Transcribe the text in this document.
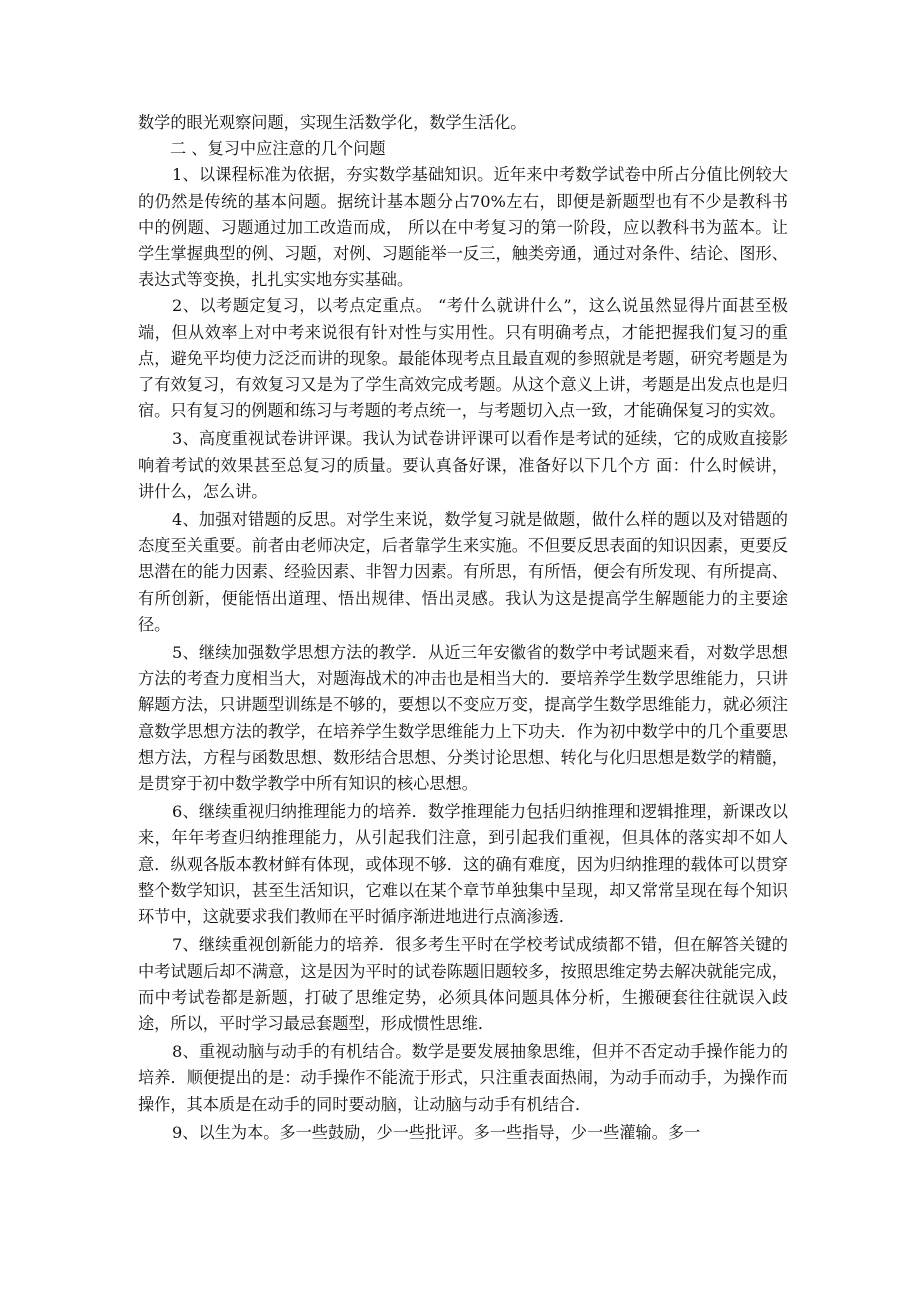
数学的眼光观察问题，实现生活数学化，数学生活化。

二 、复习中应注意的几个问题

1、以课程标准为依据，夯实数学基础知识。近年来中考数学试卷中所占分值比例较大的仍然是传统的基本问题。据统计基本题分占70%左右，即便是新题型也有不少是教科书中的例题、习题通过加工改造而成， 所以在中考复习的第一阶段，应以教科书为蓝本。让学生掌握典型的例、习题，对例、习题能举一反三，触类旁通，通过对条件、结论、图形、表达式等变换，扎扎实实地夯实基础。

2、以考题定复习，以考点定重点。 “考什么就讲什么”，这么说虽然显得片面甚至极端，但从效率上对中考来说很有针对性与实用性。只有明确考点，才能把握我们复习的重点，避免平均使力泛泛而讲的现象。最能体现考点且最直观的参照就是考题，研究考题是为了有效复习，有效复习又是为了学生高效完成考题。从这个意义上讲，考题是出发点也是归宿。只有复习的例题和练习与考题的考点统一，与考题切入点一致，才能确保复习的实效。

3、高度重视试卷讲评课。我认为试卷讲评课可以看作是考试的延续，它的成败直接影响着考试的效果甚至总复习的质量。要认真备好课，准备好以下几个方 面：什么时候讲，讲什么，怎么讲。

4、加强对错题的反思。对学生来说，数学复习就是做题，做什么样的题以及对错题的态度至关重要。前者由老师决定，后者靠学生来实施。不但要反思表面的知识因素，更要反思潜在的能力因素、经验因素、非智力因素。有所思，有所悟，便会有所发现、有所提高、有所创新，便能悟出道理、悟出规律、悟出灵感。我认为这是提高学生解题能力的主要途径。

5、继续加强数学思想方法的教学．从近三年安徽省的数学中考试题来看，对数学思想方法的考查力度相当大，对题海战术的冲击也是相当大的．要培养学生数学思维能力，只讲解题方法，只讲题型训练是不够的，要想以不变应万变，提高学生数学思维能力，就必须注意数学思想方法的教学，在培养学生数学思维能力上下功夫．作为初中数学中的几个重要思想方法，方程与函数思想、数形结合思想、分类讨论思想、转化与化归思想是数学的精髓，是贯穿于初中数学教学中所有知识的核心思想。

6、继续重视归纳推理能力的培养．数学推理能力包括归纳推理和逻辑推理，新课改以来，年年考查归纳推理能力，从引起我们注意，到引起我们重视，但具体的落实却不如人意．纵观各版本教材鲜有体现，或体现不够．这的确有难度，因为归纳推理的载体可以贯穿整个数学知识，甚至生活知识，它难以在某个章节单独集中呈现，却又常常呈现在每个知识环节中，这就要求我们教师在平时循序渐进地进行点滴渗透．

7、继续重视创新能力的培养．很多考生平时在学校考试成绩都不错，但在解答关键的中考试题后却不满意，这是因为平时的试卷陈题旧题较多，按照思维定势去解决就能完成，而中考试卷都是新题，打破了思维定势，必须具体问题具体分析，生搬硬套往往就误入歧途，所以，平时学习最忌套题型，形成惯性思维．

8、重视动脑与动手的有机结合。数学是要发展抽象思维，但并不否定动手操作能力的培养．顺便提出的是：动手操作不能流于形式，只注重表面热闹，为动手而动手，为操作而操作，其本质是在动手的同时要动脑，让动脑与动手有机结合．

9、以生为本。多一些鼓励，少一些批评。多一些指导，少一些灌输。多一
